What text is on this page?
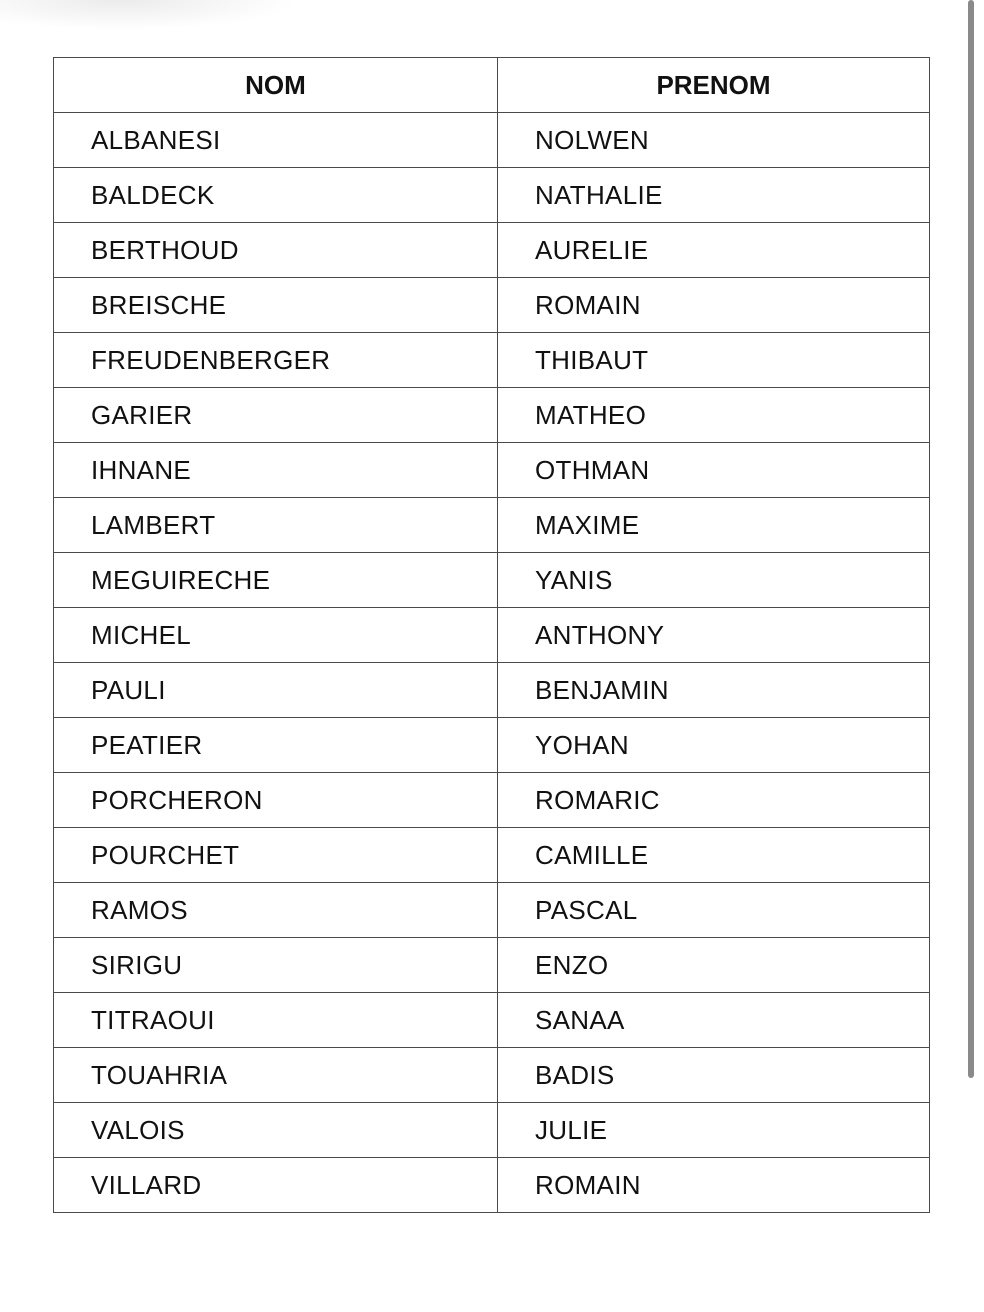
NOM	PRENOM
ALBANESI	NOLWEN
BALDECK	NATHALIE
BERTHOUD	AURELIE
BREISCHE	ROMAIN
FREUDENBERGER	THIBAUT
GARIER	MATHEO
IHNANE	OTHMAN
LAMBERT	MAXIME
MEGUIRECHE	YANIS
MICHEL	ANTHONY
PAULI	BENJAMIN
PEATIER	YOHAN
PORCHERON	ROMARIC
POURCHET	CAMILLE
RAMOS	PASCAL
SIRIGU	ENZO
TITRAOUI	SANAA
TOUAHRIA	BADIS
VALOIS	JULIE
VILLARD	ROMAIN
